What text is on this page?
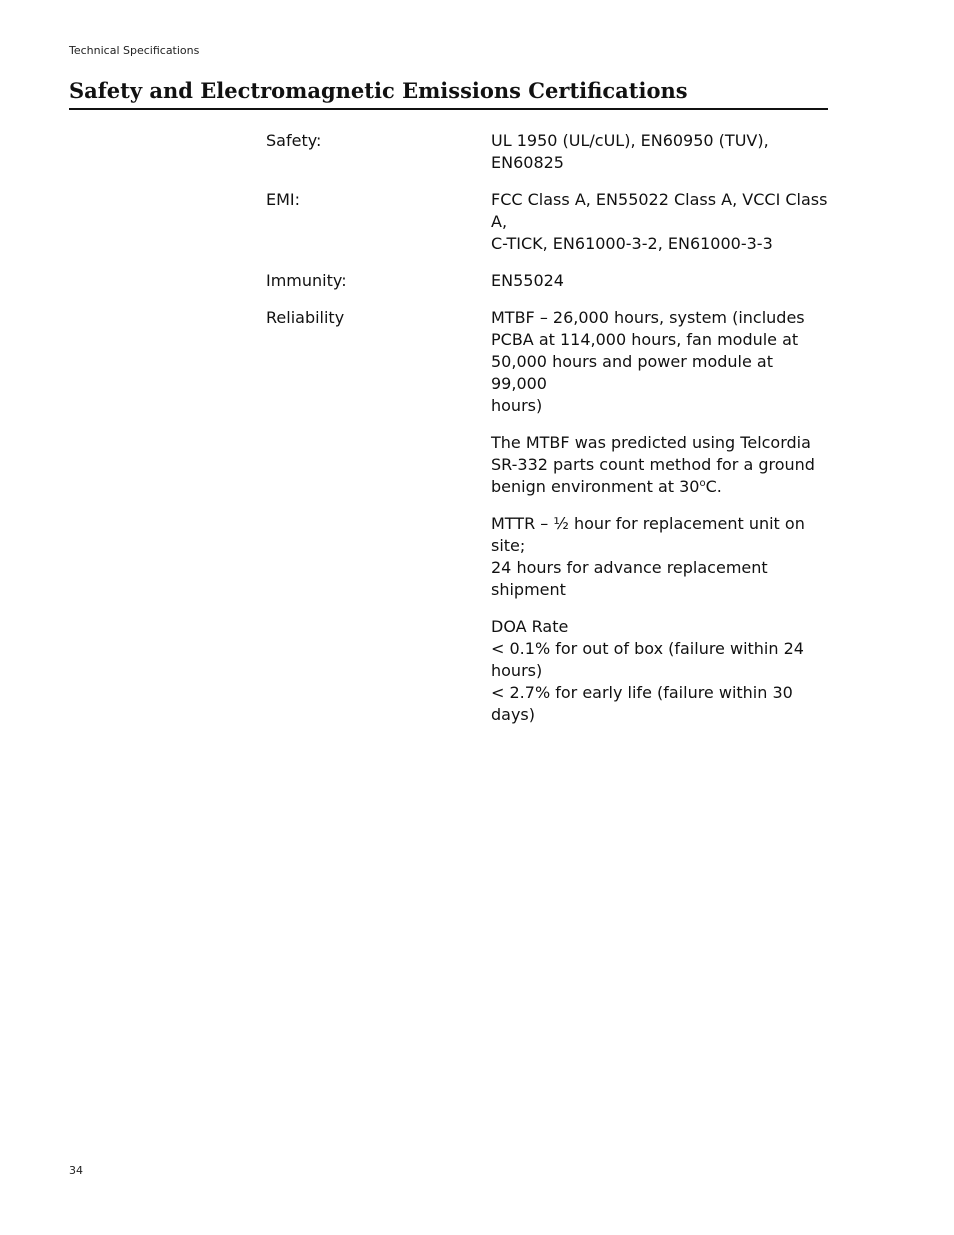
Technical Specifications
Safety and Electromagnetic Emissions Certifications
Safety:	UL 1950 (UL/cUL), EN60950 (TUV), EN60825
EMI:	FCC Class A, EN55022 Class A, VCCI Class A,
C-TICK, EN61000-3-2, EN61000-3-3
Immunity:	EN55024
Reliability	MTBF – 26,000 hours, system (includes
PCBA at 114,000 hours, fan module at
50,000 hours and power module at 99,000
hours)

The MTBF was predicted using Telcordia
SR-332 parts count method for a ground
benign environment at 30$^o$C.

MTTR – ½ hour for replacement unit on site;
24 hours for advance replacement
shipment

DOA Rate
< 0.1% for out of box (failure within 24
hours)
< 2.7% for early life (failure within 30 days)

34
